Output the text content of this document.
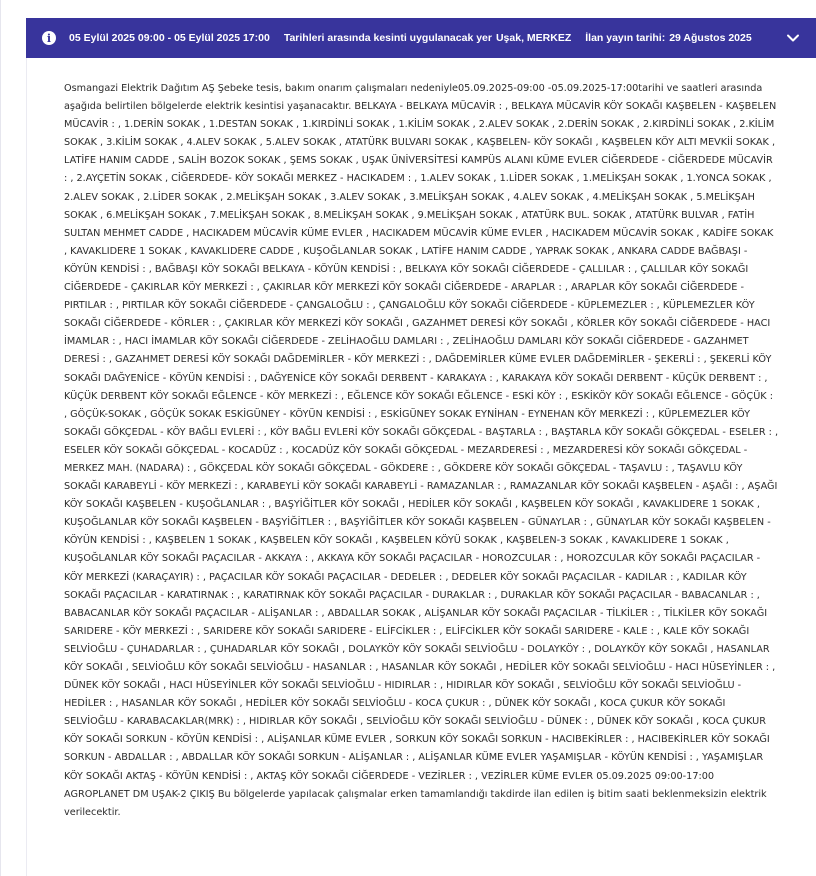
i	05 Eylül 2025 09:00 - 05 Eylül 2025 17:00 Tarihleri arasında kesinti uygulanacak yer Uşak, MERKEZ İlan yayın tarihi: 29 Ağustos 2025

Osmangazi Elektrik Dağıtım AŞ Şebeke tesis, bakım onarım çalışmaları nedeniyle05.09.2025-09:00 -05.09.2025-17:00tarihi ve saatleri arasında aşağıda belirtilen bölgelerde elektrik kesintisi yaşanacaktır. BELKAYA - BELKAYA MÜCAVİR : , BELKAYA MÜCAVİR KÖY SOKAĞI KAŞBELEN - KAŞBELEN MÜCAVİR : , 1.DERİN SOKAK , 1.DESTAN SOKAK , 1.KIRDİNLİ SOKAK , 1.KİLİM SOKAK , 2.ALEV SOKAK , 2.DERİN SOKAK , 2.KIRDİNLİ SOKAK , 2.KİLİM SOKAK , 3.KİLİM SOKAK , 4.ALEV SOKAK , 5.ALEV SOKAK , ATATÜRK BULVARI SOKAK , KAŞBELEN- KÖY SOKAĞI , KAŞBELEN KÖY ALTI MEVKİİ SOKAK , LATİFE HANIM CADDE , SALİH BOZOK SOKAK , ŞEMS SOKAK , UŞAK ÜNİVERSİTESİ KAMPÜS ALANI KÜME EVLER CİĞERDEDE - CİĞERDEDE MÜCAVİR : , 2.AYÇETİN SOKAK , CİĞERDEDE- KÖY SOKAĞI MERKEZ - HACIKADEM : , 1.ALEV SOKAK , 1.LİDER SOKAK , 1.MELİKŞAH SOKAK , 1.YONCA SOKAK , 2.ALEV SOKAK , 2.LİDER SOKAK , 2.MELİKŞAH SOKAK , 3.ALEV SOKAK , 3.MELİKŞAH SOKAK , 4.ALEV SOKAK , 4.MELİKŞAH SOKAK , 5.MELİKŞAH SOKAK , 6.MELİKŞAH SOKAK , 7.MELİKŞAH SOKAK , 8.MELİKŞAH SOKAK , 9.MELİKŞAH SOKAK , ATATÜRK BUL. SOKAK , ATATÜRK BULVAR , FATİH SULTAN MEHMET CADDE , HACIKADEM MÜCAVİR KÜME EVLER , HACIKADEM MÜCAVİR KÜME EVLER , HACIKADEM MÜCAVİR SOKAK , KADİFE SOKAK , KAVAKLIDERE 1 SOKAK , KAVAKLIDERE CADDE , KUŞOĞLANLAR SOKAK , LATİFE HANIM CADDE , YAPRAK SOKAK , ANKARA CADDE BAĞBAŞI - KÖYÜN KENDİSİ : , BAĞBAŞI KÖY SOKAĞI BELKAYA - KÖYÜN KENDİSİ : , BELKAYA KÖY SOKAĞI CİĞERDEDE - ÇALLILAR : , ÇALLILAR KÖY SOKAĞI CİĞERDEDE - ÇAKIRLAR KÖY MERKEZİ : , ÇAKIRLAR KÖY MERKEZİ KÖY SOKAĞI CİĞERDEDE - ARAPLAR : , ARAPLAR KÖY SOKAĞI CİĞERDEDE - PIRTILAR : , PIRTILAR KÖY SOKAĞI CİĞERDEDE - ÇANGALOĞLU : , ÇANGALOĞLU KÖY SOKAĞI CİĞERDEDE - KÜPLEMEZLER : , KÜPLEMEZLER KÖY SOKAĞI CİĞERDEDE - KÖRLER : , ÇAKIRLAR KÖY MERKEZİ KÖY SOKAĞI , GAZAHMET DERESİ KÖY SOKAĞI , KÖRLER KÖY SOKAĞI CİĞERDEDE - HACI İMAMLAR : , HACI İMAMLAR KÖY SOKAĞI CİĞERDEDE - ZELİHAOĞLU DAMLARI : , ZELİHAOĞLU DAMLARI KÖY SOKAĞI CİĞERDEDE - GAZAHMET DERESİ : , GAZAHMET DERESİ KÖY SOKAĞI DAĞDEMİRLER - KÖY MERKEZİ : , DAĞDEMİRLER KÜME EVLER DAĞDEMİRLER - ŞEKERLİ : , ŞEKERLİ KÖY SOKAĞI DAĞYENİCE - KÖYÜN KENDİSİ : , DAĞYENİCE KÖY SOKAĞI DERBENT - KARAKAYA : , KARAKAYA KÖY SOKAĞI DERBENT - KÜÇÜK DERBENT : , KÜÇÜK DERBENT KÖY SOKAĞI EĞLENCE - KÖY MERKEZİ : , EĞLENCE KÖY SOKAĞI EĞLENCE - ESKİ KÖY : , ESKİKÖY KÖY SOKAĞI EĞLENCE - GÖÇÜK : , GÖÇÜK-SOKAK , GÖÇÜK SOKAK ESKİGÜNEY - KÖYÜN KENDİSİ : , ESKİGÜNEY SOKAK EYNİHAN - EYNEHAN KÖY MERKEZİ : , KÜPLEMEZLER KÖY SOKAĞI GÖKÇEDAL - KÖY BAĞLI EVLERİ : , KÖY BAĞLI EVLERİ KÖY SOKAĞI GÖKÇEDAL - BAŞTARLA : , BAŞTARLA KÖY SOKAĞI GÖKÇEDAL - ESELER : , ESELER KÖY SOKAĞI GÖKÇEDAL - KOCADÜZ : , KOCADÜZ KÖY SOKAĞI GÖKÇEDAL - MEZARDERESİ : , MEZARDERESİ KÖY SOKAĞI GÖKÇEDAL - MERKEZ MAH. (NADARA) : , GÖKÇEDAL KÖY SOKAĞI GÖKÇEDAL - GÖKDERE : , GÖKDERE KÖY SOKAĞI GÖKÇEDAL - TAŞAVLU : , TAŞAVLU KÖY SOKAĞI KARABEYLİ - KÖY MERKEZİ : , KARABEYLİ KÖY SOKAĞI KARABEYLİ - RAMAZANLAR : , RAMAZANLAR KÖY SOKAĞI KAŞBELEN - AŞAĞI : , AŞAĞI KÖY SOKAĞI KAŞBELEN - KUŞOĞLANLAR : , BAŞYİĞİTLER KÖY SOKAĞI , HEDİLER KÖY SOKAĞI , KAŞBELEN KÖY SOKAĞI , KAVAKLIDERE 1 SOKAK , KUŞOĞLANLAR KÖY SOKAĞI KAŞBELEN - BAŞYİĞİTLER : , BAŞYİĞİTLER KÖY SOKAĞI KAŞBELEN - GÜNAYLAR : , GÜNAYLAR KÖY SOKAĞI KAŞBELEN - KÖYÜN KENDİSİ : , KAŞBELEN 1 SOKAK , KAŞBELEN KÖY SOKAĞI , KAŞBELEN KÖYÜ SOKAK , KAŞBELEN-3 SOKAK , KAVAKLIDERE 1 SOKAK , KUŞOĞLANLAR KÖY SOKAĞI PAÇACILAR - AKKAYA : , AKKAYA KÖY SOKAĞI PAÇACILAR - HOROZCULAR : , HOROZCULAR KÖY SOKAĞI PAÇACILAR - KÖY MERKEZİ (KARAÇAYIR) : , PAÇACILAR KÖY SOKAĞI PAÇACILAR - DEDELER : , DEDELER KÖY SOKAĞI PAÇACILAR - KADILAR : , KADILAR KÖY SOKAĞI PAÇACILAR - KARATIRNAK : , KARATIRNAK KÖY SOKAĞI PAÇACILAR - DURAKLAR : , DURAKLAR KÖY SOKAĞI PAÇACILAR - BABACANLAR : , BABACANLAR KÖY SOKAĞI PAÇACILAR - ALİŞANLAR : , ABDALLAR SOKAK , ALİŞANLAR KÖY SOKAĞI PAÇACILAR - TİLKİLER : , TİLKİLER KÖY SOKAĞI SARIDERE - KÖY MERKEZİ : , SARIDERE KÖY SOKAĞI SARIDERE - ELİFCİKLER : , ELİFCİKLER KÖY SOKAĞI SARIDERE - KALE : , KALE KÖY SOKAĞI SELVİOĞLU - ÇUHADARLAR : , ÇUHADARLAR KÖY SOKAĞI , DOLAYKÖY KÖY SOKAĞI SELVİOĞLU - DOLAYKÖY : , DOLAYKÖY KÖY SOKAĞI , HASANLAR KÖY SOKAĞI , SELVİOĞLU KÖY SOKAĞI SELVİOĞLU - HASANLAR : , HASANLAR KÖY SOKAĞI , HEDİLER KÖY SOKAĞI SELVİOĞLU - HACI HÜSEYİNLER : , DÜNEK KÖY SOKAĞI , HACI HÜSEYİNLER KÖY SOKAĞI SELVİOĞLU - HIDIRLAR : , HIDIRLAR KÖY SOKAĞI , SELVİOĞLU KÖY SOKAĞI SELVİOĞLU - HEDİLER : , HASANLAR KÖY SOKAĞI , HEDİLER KÖY SOKAĞI SELVİOĞLU - KOCA ÇUKUR : , DÜNEK KÖY SOKAĞI , KOCA ÇUKUR KÖY SOKAĞI SELVİOĞLU - KARABACAKLAR(MRK) : , HIDIRLAR KÖY SOKAĞI , SELVİOĞLU KÖY SOKAĞI SELVİOĞLU - DÜNEK : , DÜNEK KÖY SOKAĞI , KOCA ÇUKUR KÖY SOKAĞI SORKUN - KÖYÜN KENDİSİ : , ALİŞANLAR KÜME EVLER , SORKUN KÖY SOKAĞI SORKUN - HACIBEKİRLER : , HACIBEKİRLER KÖY SOKAĞI SORKUN - ABDALLAR : , ABDALLAR KÖY SOKAĞI SORKUN - ALİŞANLAR : , ALİŞANLAR KÜME EVLER YAŞAMIŞLAR - KÖYÜN KENDİSİ : , YAŞAMIŞLAR KÖY SOKAĞI AKTAŞ - KÖYÜN KENDİSİ : , AKTAŞ KÖY SOKAĞI CİĞERDEDE - VEZİRLER : , VEZİRLER KÜME EVLER 05.09.2025 09:00-17:00 AGROPLANET DM UŞAK-2 ÇIKIŞ Bu bölgelerde yapılacak çalışmalar erken tamamlandığı takdirde ilan edilen iş bitim saati beklenmeksizin elektrik verilecektir.
